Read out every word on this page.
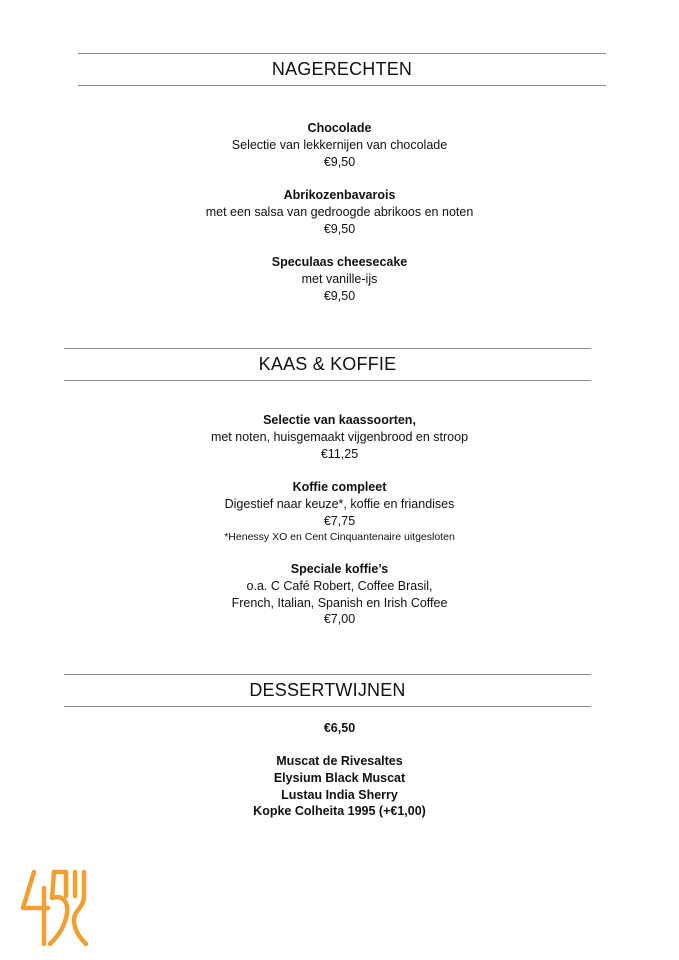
NAGERECHTEN
Chocolade
Selectie van lekkernijen van chocolade
€9,50
Abrikozenbavarois
met een salsa van gedroogde abrikoos en noten
€9,50
Speculaas cheesecake
met vanille-ijs
€9,50
KAAS & KOFFIE
Selectie van kaassoorten,
met noten, huisgemaakt vijgenbrood en stroop
€11,25
Koffie compleet
Digestief naar keuze*, koffie en friandises
€7,75
*Henessy XO en Cent Cinquantenaire uitgesloten
Speciale koffie’s
o.a. C Café Robert, Coffee Brasil,
French, Italian, Spanish en Irish Coffee
€7,00
DESSERTWIJNEN
€6,50
Muscat de Rivesaltes
Elysium Black Muscat
Lustau India Sherry
Kopke Colheita 1995 (+€1,00)
